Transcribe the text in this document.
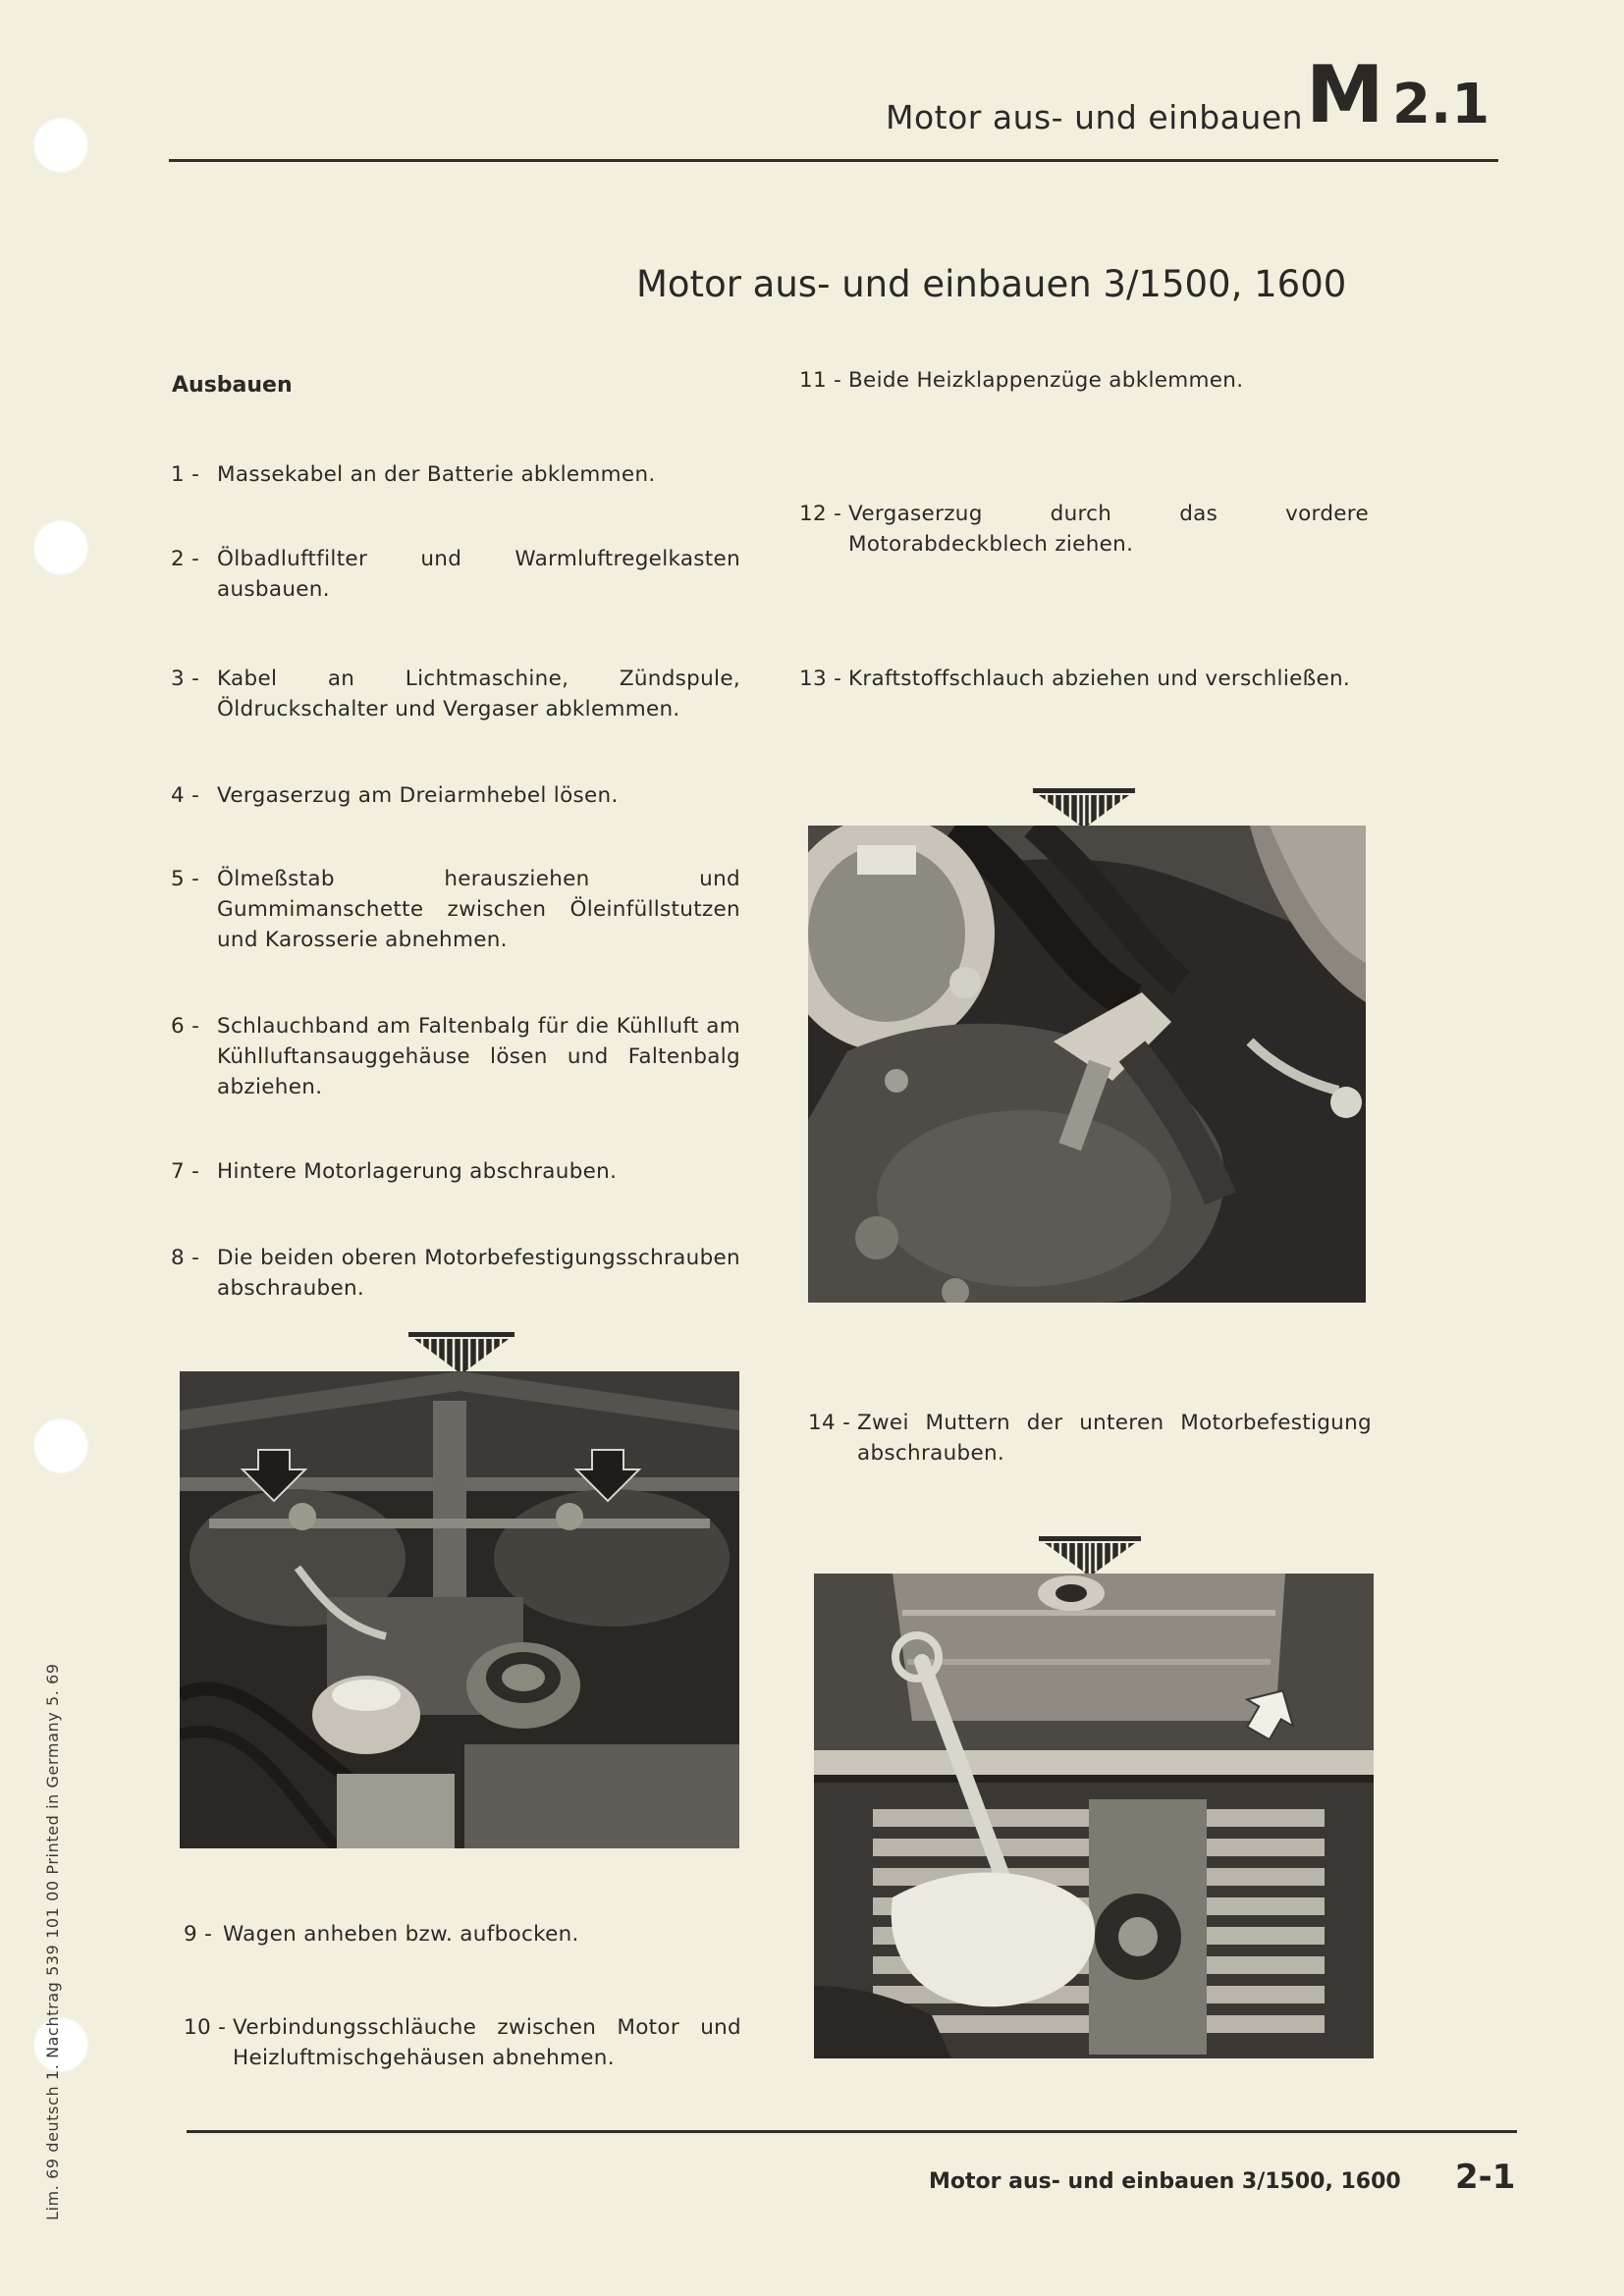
Motor aus- und einbauen M 2.1
Motor aus- und einbauen 3/1500, 1600
Ausbauen
1 - Massekabel an der Batterie abklemmen.
2 - Ölbadluftfilter und Warmluftregelkasten ausbauen.
3 - Kabel an Lichtmaschine, Zündspule, Öldruckschalter und Vergaser abklemmen.
4 - Vergaserzug am Dreiarmhebel lösen.
5 - Ölmeßstab herausziehen und Gummimanschette zwischen Öleinfüllstutzen und Karosserie abnehmen.
6 - Schlauchband am Faltenbalg für die Kühlluft am Kühlluftansauggehäuse lösen und Faltenbalg abziehen.
7 - Hintere Motorlagerung abschrauben.
8 - Die beiden oberen Motorbefestigungsschrauben abschrauben.
9 - Wagen anheben bzw. aufbocken.
10 - Verbindungsschläuche zwischen Motor und Heizluftmischgehäusen abnehmen.
11 - Beide Heizklappenzüge abklemmen.
12 - Vergaserzug durch das vordere Motorabdeckblech ziehen.
13 - Kraftstoffschlauch abziehen und verschließen.
14 - Zwei Muttern der unteren Motorbefestigung abschrauben.
Motor aus- und einbauen 3/1500, 1600 2-1
Lim. 69 deutsch 1. Nachtrag 539 101 00 Printed in Germany 5. 69
